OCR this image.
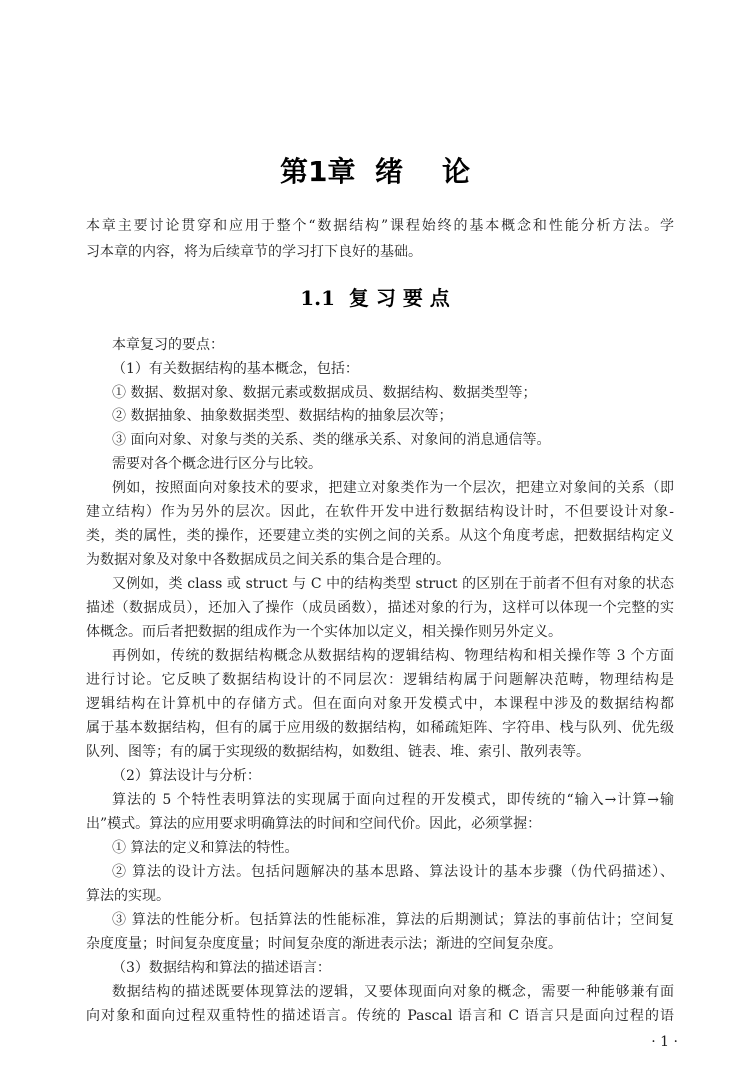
第1章  绪    论
本章主要讨论贯穿和应用于整个“数据结构”课程始终的基本概念和性能分析方法。学
习本章的内容，将为后续章节的学习打下良好的基础。
1.1  复 习 要 点
本章复习的要点：
（1）有关数据结构的基本概念，包括：
① 数据、数据对象、数据元素或数据成员、数据结构、数据类型等；
② 数据抽象、抽象数据类型、数据结构的抽象层次等；
③ 面向对象、对象与类的关系、类的继承关系、对象间的消息通信等。
需要对各个概念进行区分与比较。
例如，按照面向对象技术的要求，把建立对象类作为一个层次，把建立对象间的关系（即
建立结构）作为另外的层次。因此，在软件开发中进行数据结构设计时，不但要设计对象-
类，类的属性，类的操作，还要建立类的实例之间的关系。从这个角度考虑，把数据结构定义
为数据对象及对象中各数据成员之间关系的集合是合理的。
又例如，类 class 或 struct 与 C 中的结构类型 struct 的区别在于前者不但有对象的状态
描述（数据成员），还加入了操作（成员函数），描述对象的行为，这样可以体现一个完整的实
体概念。而后者把数据的组成作为一个实体加以定义，相关操作则另外定义。
再例如，传统的数据结构概念从数据结构的逻辑结构、物理结构和相关操作等 3 个方面
进行讨论。它反映了数据结构设计的不同层次：逻辑结构属于问题解决范畴，物理结构是
逻辑结构在计算机中的存储方式。但在面向对象开发模式中，本课程中涉及的数据结构都
属于基本数据结构，但有的属于应用级的数据结构，如稀疏矩阵、字符串、栈与队列、优先级
队列、图等；有的属于实现级的数据结构，如数组、链表、堆、索引、散列表等。
（2）算法设计与分析：
算法的 5 个特性表明算法的实现属于面向过程的开发模式，即传统的“输入→计算→输
出”模式。算法的应用要求明确算法的时间和空间代价。因此，必须掌握：
① 算法的定义和算法的特性。
② 算法的设计方法。包括问题解决的基本思路、算法设计的基本步骤（伪代码描述）、
算法的实现。
③ 算法的性能分析。包括算法的性能标准，算法的后期测试；算法的事前估计；空间复
杂度度量；时间复杂度度量；时间复杂度的渐进表示法；渐进的空间复杂度。
（3）数据结构和算法的描述语言：
数据结构的描述既要体现算法的逻辑，又要体现面向对象的概念，需要一种能够兼有面
向对象和面向过程双重特性的描述语言。传统的 Pascal 语言和 C 语言只是面向过程的语
· 1 ·
